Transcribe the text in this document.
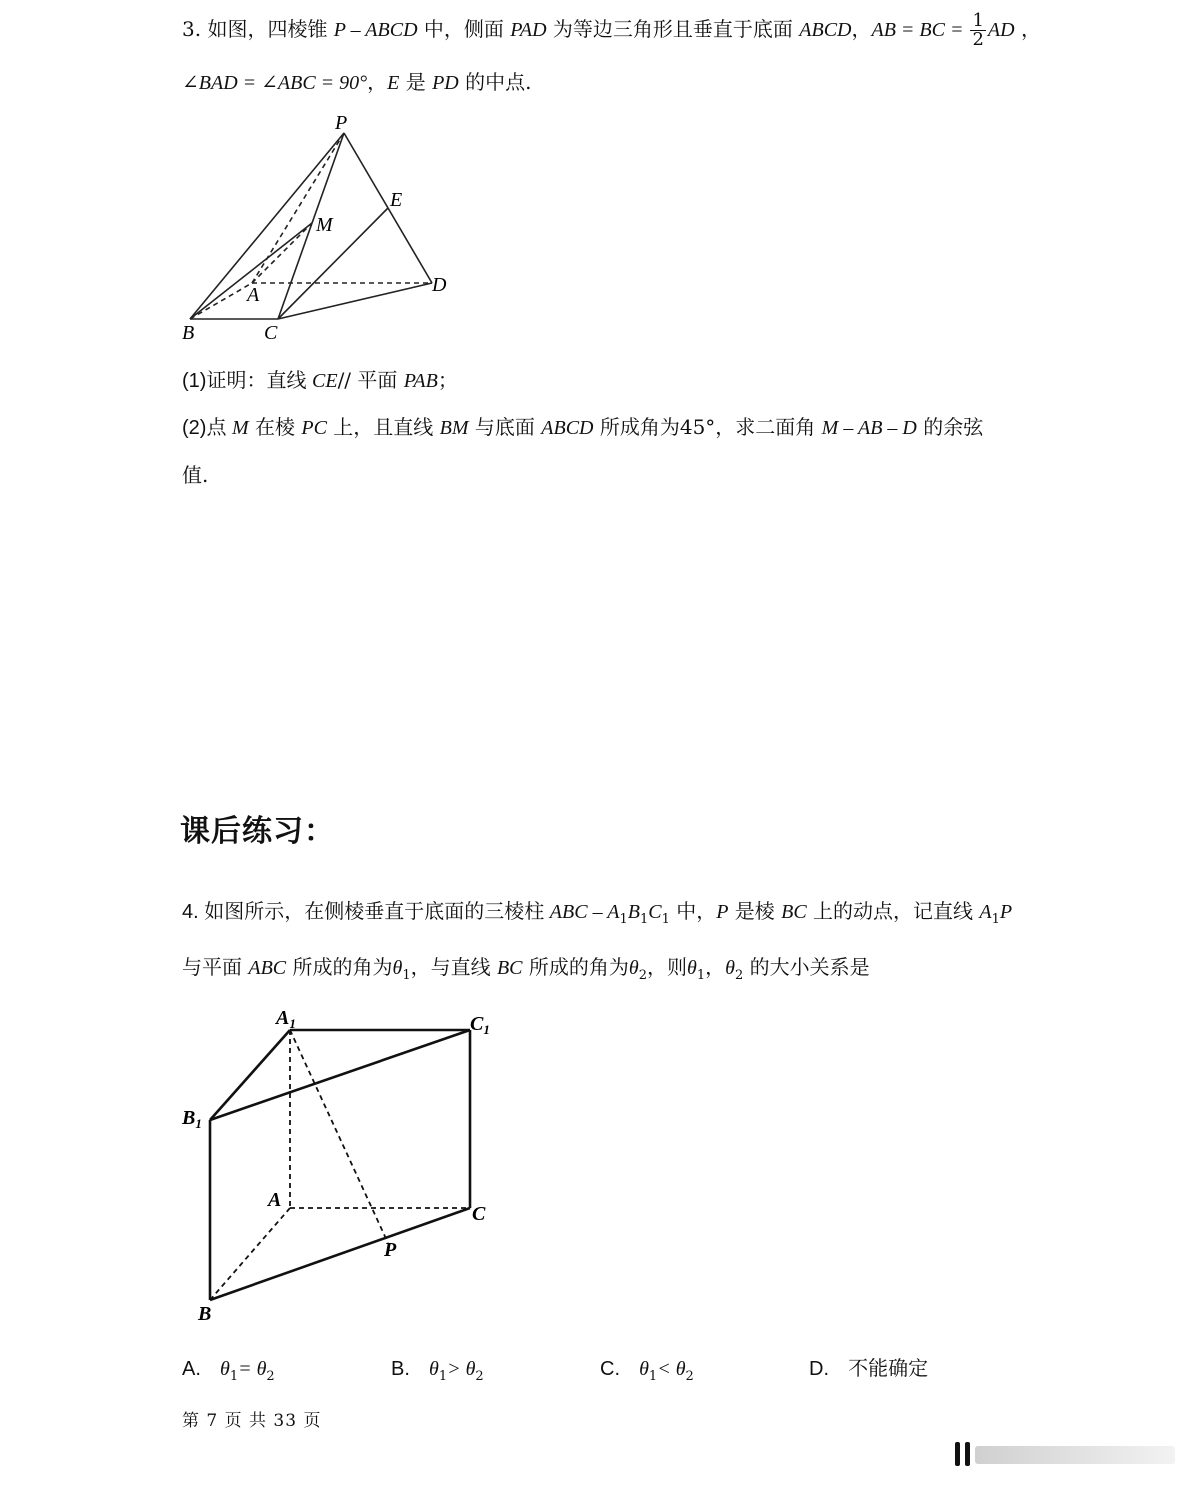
3. 如图，四棱锥 P – ABCD 中，侧面 PAD 为等边三角形且垂直于底面 ABCD，AB = BC = $\frac{1}{2}$ AD ，
∠BAD = ∠ABC = 90°，E 是 PD 的中点.
P
E
M
A	D
B	C
(1)证明：直线 CE// 平面 PAB；
(2)点 M 在棱 PC 上，且直线 BM 与底面 ABCD 所成角为45°，求二面角 M – AB – D 的余弦
值.
课后练习：
4. 如图所示，在侧棱垂直于底面的三棱柱 ABC – $A_1B_1C_1$ 中，P 是棱 BC 上的动点，记直线 $A_1P$
与平面 ABC 所成的角为$\theta_1$，与直线 BC 所成的角为$\theta_2$，则$\theta_1$，$\theta_2$ 的大小关系是
$A_1$	$C_1$
$B_1$
A
C
P
B
A. $\theta_1= \theta_2$	B. $\theta_1> \theta_2$	C. $\theta_1< \theta_2$	D. 不能确定
第 7 页 共 33 页
